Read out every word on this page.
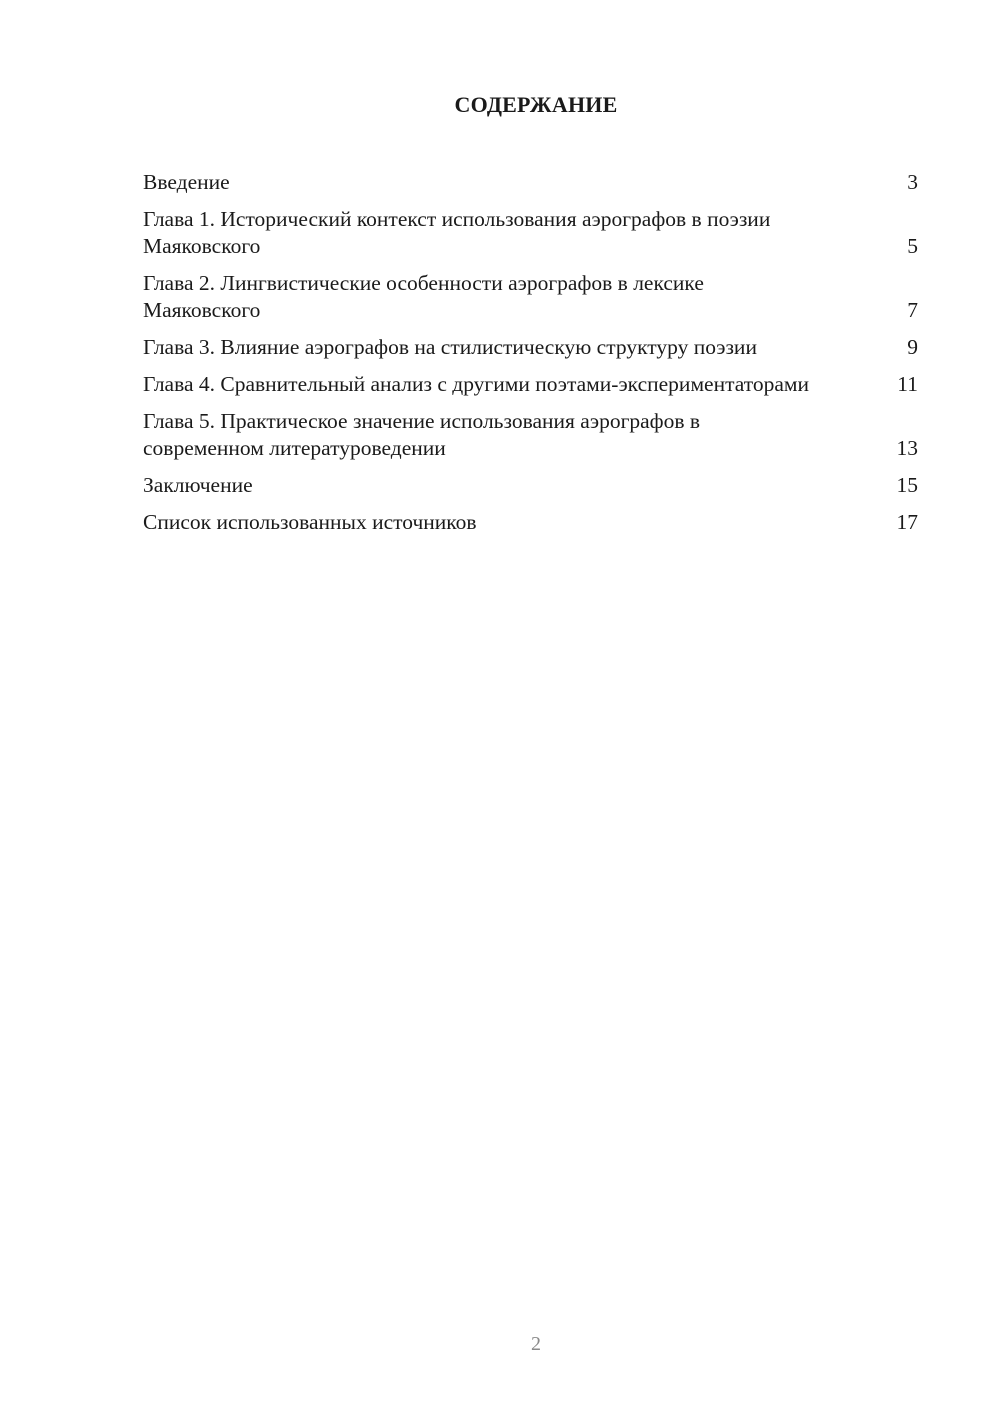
СОДЕРЖАНИЕ
Введение	3
Глава 1. Исторический контекст использования аэрографов в поэзии Маяковского	5
Глава 2. Лингвистические особенности аэрографов в лексике Маяковского	7
Глава 3. Влияние аэрографов на стилистическую структуру поэзии	9
Глава 4. Сравнительный анализ с другими поэтами-экспериментаторами	11
Глава 5. Практическое значение использования аэрографов в современном литературоведении	13
Заключение	15
Список использованных источников	17
2
